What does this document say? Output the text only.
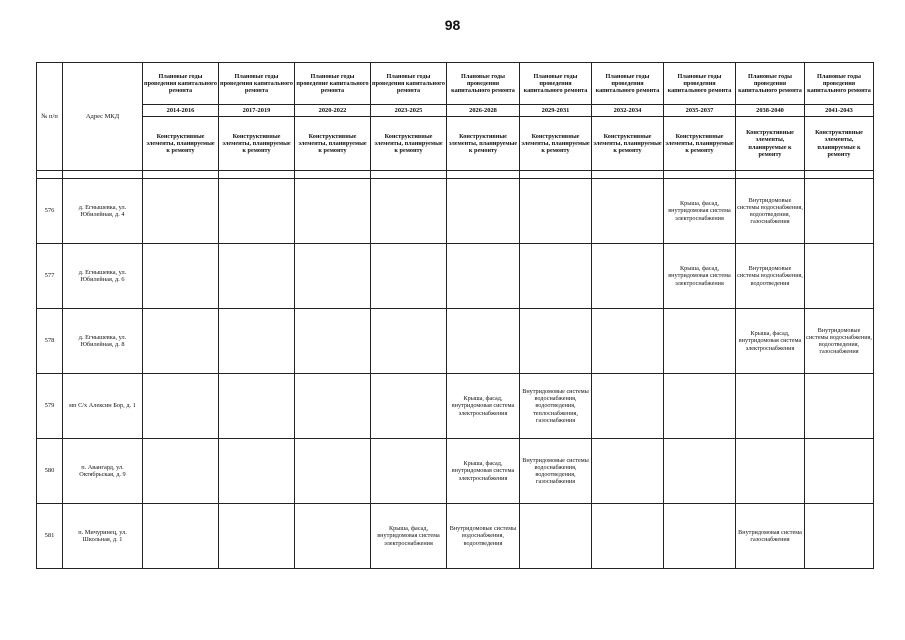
98
№ п/п	Адрес МКД	Плановые годы проведения капитального ремонта	Плановые годы проведения капитального ремонта	Плановые годы проведение капитального ремонта	Плановые годы проведения капитального ремонта	Плановые годы проведения капитального ремонта	Плановые годы проведения капитального ремонта	Плановые годы проведения капитального ремонта	Плановые годы проведения капитального ремонта	Плановые годы проведения капитального ремонта	Плановые годы проведения капитального ремонта
		2014-2016	2017-2019	2020-2022	2023-2025	2026-2028	2029-2031	2032-2034	2035-2037	2038-2040	2041-2043
		Конструктивные элементы, планируемые к ремонту	Конструктивные элементы, планируемые к ремонту	Конструктивные элементы, планируемые к ремонту	Конструктивные элементы, планируемые к ремонту	Конструктивные элементы, планируемые к ремонту	Конструктивные элементы, планируемые к ремонту	Конструктивные элементы, планируемые к ремонту	Конструктивные элементы, планируемые к ремонту	Конструктивные элементы, планируемые к ремонту	Конструктивные элементы, планируемые к ремонту

576	д. Егнышевка, ул. Юбилейная, д. 4								Крыша, фасад, внутридомовая система электроснабжения	Внутридомовые системы водоснабжения, водоотведения, газоснабжения	
577	д. Егнышевка, ул. Юбилейная, д. 6								Крыша, фасад, внутридомовая система электроснабжения	Внутридомовые системы водоснабжения, водоотведения	
578	д. Егнышевка, ул. Юбилейная, д. 8									Крыша, фасад, внутридомовая система электроснабжения	Внутридомовые системы водоснабжения, водоотведения, газоснабжения
579	мп С/х Алексин Бор, д. 1					Крыша, фасад, внутридомовая система электроснабжения	Внутридомовые системы водоснабжения, водоотведения, теплоснабжения, газоснабжения				
580	п. Авангард, ул. Октябрьская, д. 9					Крыша, фасад, внутридомовая система электроснабжения	Внутридомовые системы водоснабжения, водоотведения, газоснабжения				
581	п. Мичуринец, ул. Школьная, д. 1				Крыша, фасад, внутридомовая система электроснабжения	Внутридомовые системы водоснабжения, водоотведения				Внутридомовая система газоснабжения	
